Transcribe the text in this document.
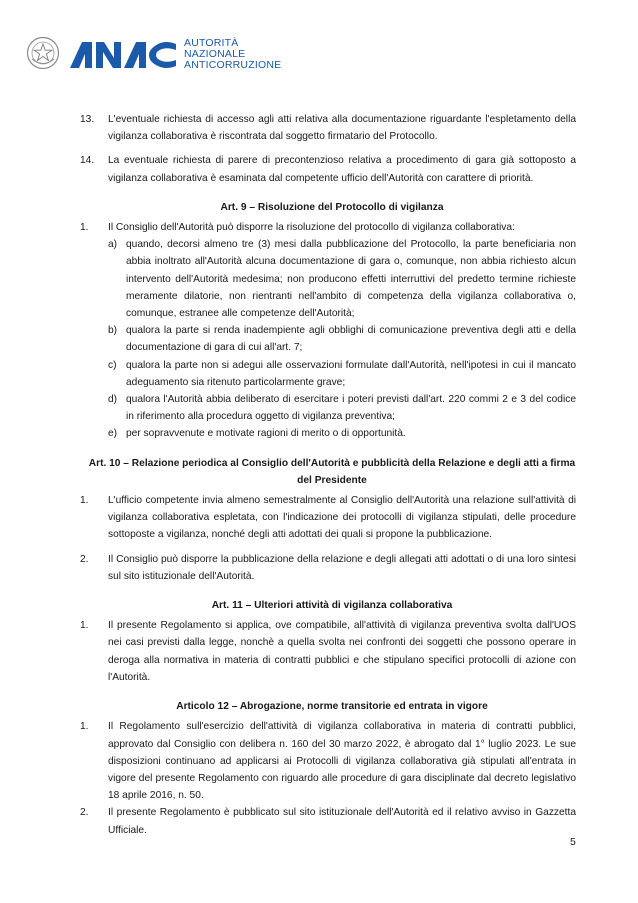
AUTORITÀ
NAZIONALE
ANTICORRUZIONE
13. L'eventuale richiesta di accesso agli atti relativa alla documentazione riguardante l'espletamento della vigilanza collaborativa è riscontrata dal soggetto firmatario del Protocollo.
14. La eventuale richiesta di parere di precontenzioso relativa a procedimento di gara già sottoposto a vigilanza collaborativa è esaminata dal competente ufficio dell'Autorità con carattere di priorità.

Art. 9 – Risoluzione del Protocollo di vigilanza

1. Il Consiglio dell'Autorità può disporre la risoluzione del protocollo di vigilanza collaborativa:
a) quando, decorsi almeno tre (3) mesi dalla pubblicazione del Protocollo, la parte beneficiaria non abbia inoltrato all'Autorità alcuna documentazione di gara o, comunque, non abbia richiesto alcun intervento dell'Autorità medesima; non producono effetti interruttivi del predetto termine richieste meramente dilatorie, non rientranti nell'ambito di competenza della vigilanza collaborativa o, comunque, estranee alle competenze dell'Autorità;
b) qualora la parte si renda inadempiente agli obblighi di comunicazione preventiva degli atti e della documentazione di gara di cui all'art. 7;
c) qualora la parte non si adegui alle osservazioni formulate dall'Autorità, nell'ipotesi in cui il mancato adeguamento sia ritenuto particolarmente grave;
d) qualora l'Autorità abbia deliberato di esercitare i poteri previsti dall'art. 220 commi 2 e 3 del codice in riferimento alla procedura oggetto di vigilanza preventiva;
e) per sopravvenute e motivate ragioni di merito o di opportunità.

Art. 10 – Relazione periodica al Consiglio dell'Autorità e pubblicità della Relazione e degli atti a firma del Presidente

1. L'ufficio competente invia almeno semestralmente al Consiglio dell'Autorità una relazione sull'attività di vigilanza collaborativa espletata, con l'indicazione dei protocolli di vigilanza stipulati, delle procedure sottoposte a vigilanza, nonché degli atti adottati dei quali si propone la pubblicazione.
2. Il Consiglio può disporre la pubblicazione della relazione e degli allegati atti adottati o di una loro sintesi sul sito istituzionale dell'Autorità.

Art. 11 – Ulteriori attività di vigilanza collaborativa

1. Il presente Regolamento si applica, ove compatibile, all'attività di vigilanza preventiva svolta dall'UOS nei casi previsti dalla legge, nonchè a quella svolta nei confronti dei soggetti che possono operare in deroga alla normativa in materia di contratti pubblici e che stipulano specifici protocolli di azione con l'Autorità.

Articolo 12 – Abrogazione, norme transitorie ed entrata in vigore

1. Il Regolamento sull'esercizio dell'attività di vigilanza collaborativa in materia di contratti pubblici, approvato dal Consiglio con delibera n. 160 del 30 marzo 2022, è abrogato dal 1° luglio 2023. Le sue disposizioni continuano ad applicarsi ai Protocolli di vigilanza collaborativa già stipulati all'entrata in vigore del presente Regolamento con riguardo alle procedure di gara disciplinate dal decreto legislativo 18 aprile 2016, n. 50.
2. Il presente Regolamento è pubblicato sul sito istituzionale dell'Autorità ed il relativo avviso in Gazzetta Ufficiale.
5
